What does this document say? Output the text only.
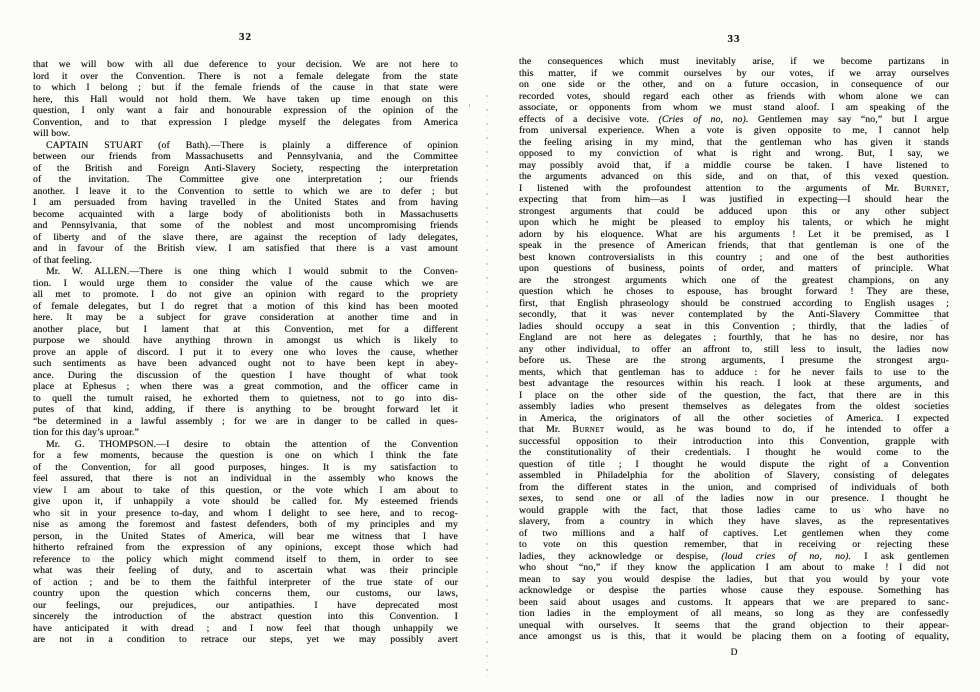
32

that we will bow with all due deference to your decision. We are not here to
lord it over the Convention. There is not a female delegate from the state
to which I belong ; but if the female friends of the cause in that state were
here, this Hall would not hold them. We have taken up time enough on this
question, I only want a fair and honourable expression of the opinion of the
Convention, and to that expression I pledge myself the delegates from America
will bow.

CAPTAIN STUART (of Bath).—There is plainly a difference of opinion
between our friends from Massachusetts and Pennsylvania, and the Committee
of the British and Foreign Anti-Slavery Society, respecting the interpretation
of the invitation. The Committee give one interpretation ; our friends
another. I leave it to the Convention to settle to which we are to defer ; but
I am persuaded from having travelled in the United States and from having
become acquainted with a large body of abolitionists both in Massachusetts
and Pennsylvania, that some of the noblest and most uncompromising friends
of liberty and of the slave there, are against the reception of lady delegates,
and in favour of the British view. I am satisfied that there is a vast amount
of that feeling.

Mr. W. ALLEN.—There is one thing which I would submit to the Conven-
tion. I would urge them to consider the value of the cause which we are
all met to promote. I do not give an opinion with regard to the propriety
of female delegates, but I do regret that a motion of this kind has been mooted
here. It may be a subject for grave consideration at another time and in
another place, but I lament that at this Convention, met for a different
purpose we should have anything thrown in amongst us which is likely to
prove an apple of discord. I put it to every one who loves the cause, whether
such sentiments as have been advanced ought not to have been kept in abey-
ance. During the discussion of the question I have thought of what took
place at Ephesus ; when there was a great commotion, and the officer came in
to quell the tumult raised, he exhorted them to quietness, not to go into dis-
putes of that kind, adding, if there is anything to be brought forward let it
“be determined in a lawful assembly ; for we are in danger to be called in ques-
tion for this day’s uproar.”

Mr. G. THOMPSON.—I desire to obtain the attention of the Convention
for a few moments, because the question is one on which I think the fate
of the Convention, for all good purposes, hinges. It is my satisfaction to
feel assured, that there is not an individual in the assembly who knows the
view I am about to take of this question, or the vote which I am about to
give upon it, if unhappily a vote should be called for. My esteemed friends
who sit in your presence to-day, and whom I delight to see here, and to recog-
nise as among the foremost and fastest defenders, both of my principles and my
person, in the United States of America, will bear me witness that I have
hitherto refrained from the expression of any opinions, except those which had
reference to the policy which might commend itself to them, in order to see
what was their feeling of duty, and to ascertain what was their principle
of action ; and be to them the faithful interpreter of the true state of our
country upon the question which concerns them, our customs, our laws,
our feelings, our prejudices, our antipathies. I have deprecated most
sincerely the introduction of the abstract question into this Convention. I
have anticipated it with dread ; and I now feel that though unhappily we
are not in a condition to retrace our steps, yet we may possibly avert

33

the consequences which must inevitably arise, if we become partizans in
this matter, if we commit ourselves by our votes, if we array ourselves
on one side or the other, and on a future occasion, in consequence of our
recorded votes, should regard each other as friends with whom alone we can
associate, or opponents from whom we must stand aloof. I am speaking of the
effects of a decisive vote. (Cries of no, no). Gentlemen may say “no,” but I argue
from universal experience. When a vote is given opposite to me, I cannot help
the feeling arising in my mind, that the gentleman who has given it stands
opposed to my conviction of what is right and wrong. But, I say, we
may possibly avoid that, if a middle course be taken. I have listened to
the arguments advanced on this side, and on that, of this vexed question.
I listened with the profoundest attention to the arguments of Mr. Burnet,
expecting that from him—as I was justified in expecting—I should hear the
strongest arguments that could be adduced upon this or any other subject
upon which he might be pleased to employ his talents, or which he might
adorn by his eloquence. What are his arguments ! Let it be premised, as I
speak in the presence of American friends, that that gentleman is one of the
best known controversialists in this country ; and one of the best authorities
upon questions of business, points of order, and matters of principle. What
are the strongest arguments which one of the greatest champions, on any
question which he choses to espouse, has brought forward ! They are these,
first, that English phraseology should be construed according to English usages ;
secondly, that it was never contemplated by the Anti-Slavery Committee that
ladies should occupy a seat in this Convention ; thirdly, that the ladies of
England are not here as delegates ; fourthly, that he has no desire, nor has
any other individual, to offer an affront to, still less to insult, the ladies now
before us. These are the strong arguments, I presume the strongest argu-
ments, which that gentleman has to adduce : for he never fails to use to the
best advantage the resources within his reach. I look at these arguments, and
I place on the other side of the question, the fact, that there are in this
assembly ladies who present themselves as delegates from the oldest societies
in America, the originators of all the other societies of America. I expected
that Mr. Burnet would, as he was bound to do, if he intended to offer a
successful opposition to their introduction into this Convention, grapple with
the constitutionality of their credentials. I thought he would come to the
question of title ; I thought he would dispute the right of a Convention
assembled in Philadelphia for the abolition of Slavery, consisting of delegates
from the different states in the union, and comprised of individuals of both
sexes, to send one or all of the ladies now in our presence. I thought he
would grapple with the fact, that those ladies came to us who have no
slavery, from a country in which they have slaves, as the representatives
of two millions and a half of captives. Let gentlemen when they come
to vote on this question remember, that in receiving or rejecting these
ladies, they acknowledge or despise, (loud cries of no, no). I ask gentlemen
who shout “no,” if they know the application I am about to make ! I did not
mean to say you would despise the ladies, but that you would by your vote
acknowledge or despise the parties whose cause they espouse. Something has
been said about usages and customs. It appears that we are prepared to sanc-
tion ladies in the employment of all means, so long as they are confessedly
unequal with ourselves. It seems that the grand objection to their appear-
ance amongst us is this, that it would be placing them on a footing of equality,

D
